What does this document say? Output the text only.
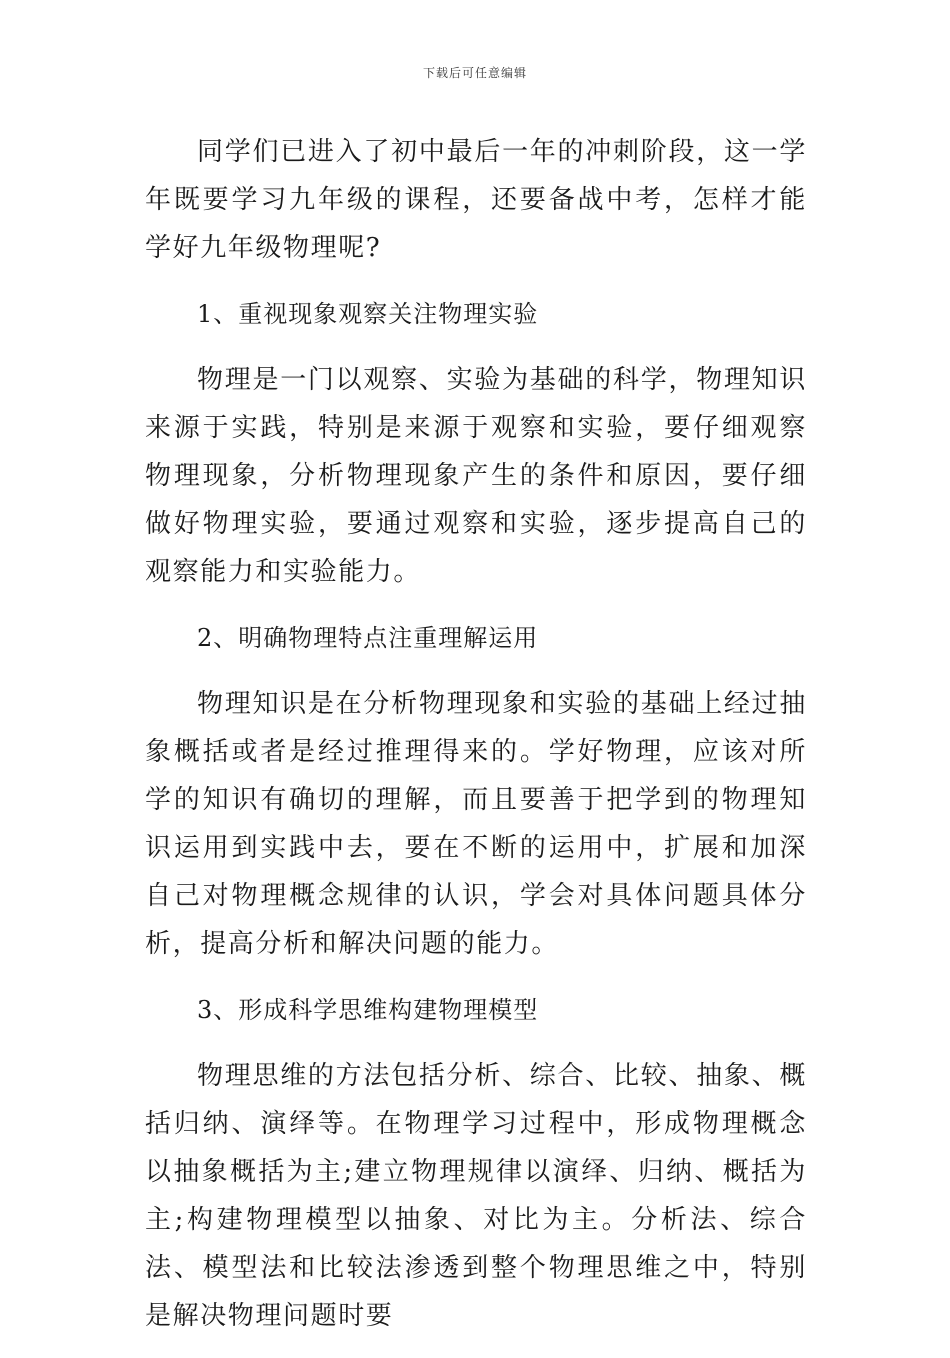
下载后可任意编辑

同学们已进入了初中最后一年的冲刺阶段，这一学年既要学习九年级的课程，还要备战中考，怎样才能学好九年级物理呢?

1、重视现象观察关注物理实验

物理是一门以观察、实验为基础的科学，物理知识来源于实践，特别是来源于观察和实验，要仔细观察物理现象，分析物理现象产生的条件和原因，要仔细做好物理实验，要通过观察和实验，逐步提高自己的观察能力和实验能力。

2、明确物理特点注重理解运用

物理知识是在分析物理现象和实验的基础上经过抽象概括或者是经过推理得来的。学好物理，应该对所学的知识有确切的理解，而且要善于把学到的物理知识运用到实践中去，要在不断的运用中，扩展和加深自己对物理概念规律的认识，学会对具体问题具体分析，提高分析和解决问题的能力。

3、形成科学思维构建物理模型

物理思维的方法包括分析、综合、比较、抽象、概括归纳、演绎等。在物理学习过程中，形成物理概念以抽象概括为主;建立物理规律以演绎、归纳、概括为主;构建物理模型以抽象、对比为主。分析法、综合法、模型法和比较法渗透到整个物理思维之中，特别是解决物理问题时要
